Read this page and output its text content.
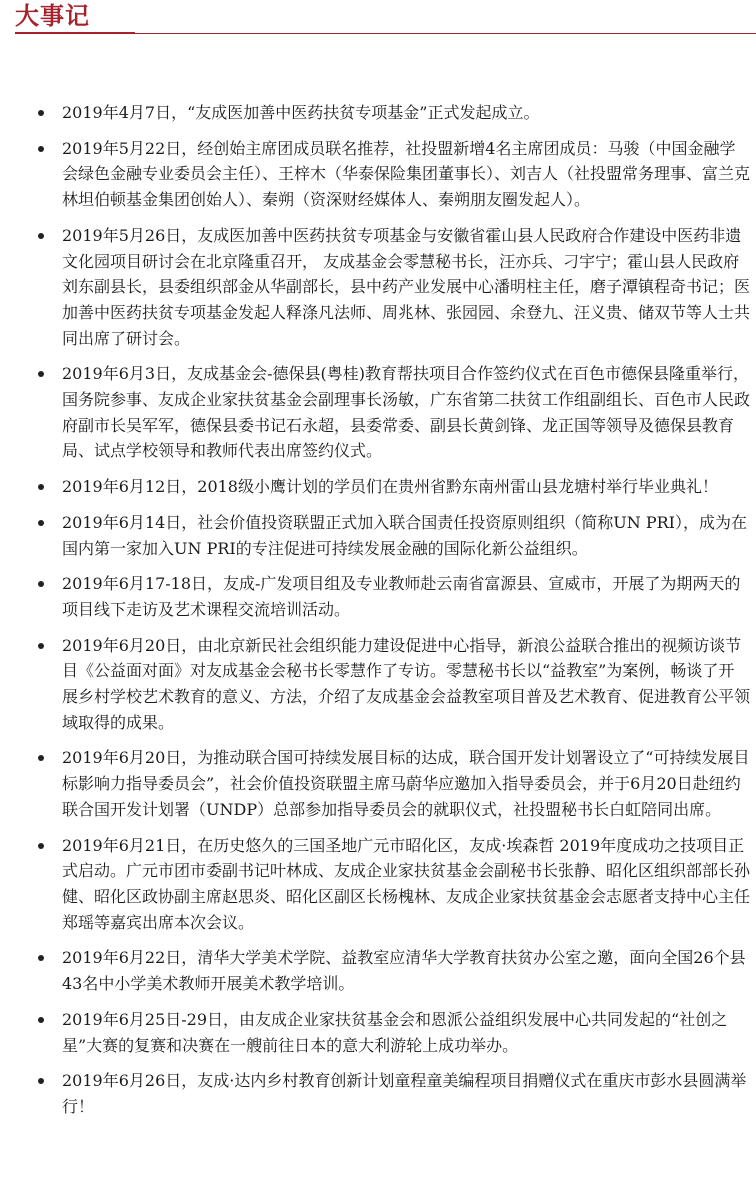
大事记
2019年4月7日，“友成医加善中医药扶贫专项基金”正式发起成立。
2019年5月22日，经创始主席团成员联名推荐，社投盟新增4名主席团成员：马骏（中国金融学会绿色金融专业委员会主任）、王梓木（华泰保险集团董事长）、刘吉人（社投盟常务理事、富兰克林坦伯顿基金集团创始人）、秦朔（资深财经媒体人、秦朔朋友圈发起人）。
2019年5月26日，友成医加善中医药扶贫专项基金与安徽省霍山县人民政府合作建设中医药非遗文化园项目研讨会在北京隆重召开， 友成基金会零慧秘书长，汪亦兵、刁宇宁；霍山县人民政府刘东副县长，县委组织部金从华副部长，县中药产业发展中心潘明柱主任，磨子潭镇程奇书记；医加善中医药扶贫专项基金发起人释涤凡法师、周兆林、张园园、余登九、汪义贵、储双节等人士共同出席了研讨会。
2019年6月3日，友成基金会-德保县(粤桂)教育帮扶项目合作签约仪式在百色市德保县隆重举行，国务院参事、友成企业家扶贫基金会副理事长汤敏，广东省第二扶贫工作组副组长、百色市人民政府副市长吴军军，德保县委书记石永超，县委常委、副县长黄剑锋、龙正国等领导及德保县教育局、试点学校领导和教师代表出席签约仪式。
2019年6月12日，2018级小鹰计划的学员们在贵州省黔东南州雷山县龙塘村举行毕业典礼！
2019年6月14日，社会价值投资联盟正式加入联合国责任投资原则组织（简称UN PRI），成为在国内第一家加入UN PRI的专注促进可持续发展金融的国际化新公益组织。
2019年6月17-18日，友成-广发项目组及专业教师赴云南省富源县、宣威市，开展了为期两天的项目线下走访及艺术课程交流培训活动。
2019年6月20日，由北京新民社会组织能力建设促进中心指导，新浪公益联合推出的视频访谈节目《公益面对面》对友成基金会秘书长零慧作了专访。零慧秘书长以“益教室”为案例，畅谈了开展乡村学校艺术教育的意义、方法，介绍了友成基金会益教室项目普及艺术教育、促进教育公平领域取得的成果。
2019年6月20日，为推动联合国可持续发展目标的达成，联合国开发计划署设立了“可持续发展目标影响力指导委员会”，社会价值投资联盟主席马蔚华应邀加入指导委员会，并于6月20日赴纽约联合国开发计划署（UNDP）总部参加指导委员会的就职仪式，社投盟秘书长白虹陪同出席。
2019年6月21日，在历史悠久的三国圣地广元市昭化区，友成·埃森哲 2019年度成功之技项目正式启动。广元市团市委副书记叶林成、友成企业家扶贫基金会副秘书长张静、昭化区组织部部长孙健、昭化区政协副主席赵思炎、昭化区副区长杨槐林、友成企业家扶贫基金会志愿者支持中心主任郑瑶等嘉宾出席本次会议。
2019年6月22日，清华大学美术学院、益教室应清华大学教育扶贫办公室之邀，面向全国26个县43名中小学美术教师开展美术教学培训。
2019年6月25日-29日，由友成企业家扶贫基金会和恩派公益组织发展中心共同发起的“社创之星”大赛的复赛和决赛在一艘前往日本的意大利游轮上成功举办。
2019年6月26日，友成·达内乡村教育创新计划童程童美编程项目捐赠仪式在重庆市彭水县圆满举行！
